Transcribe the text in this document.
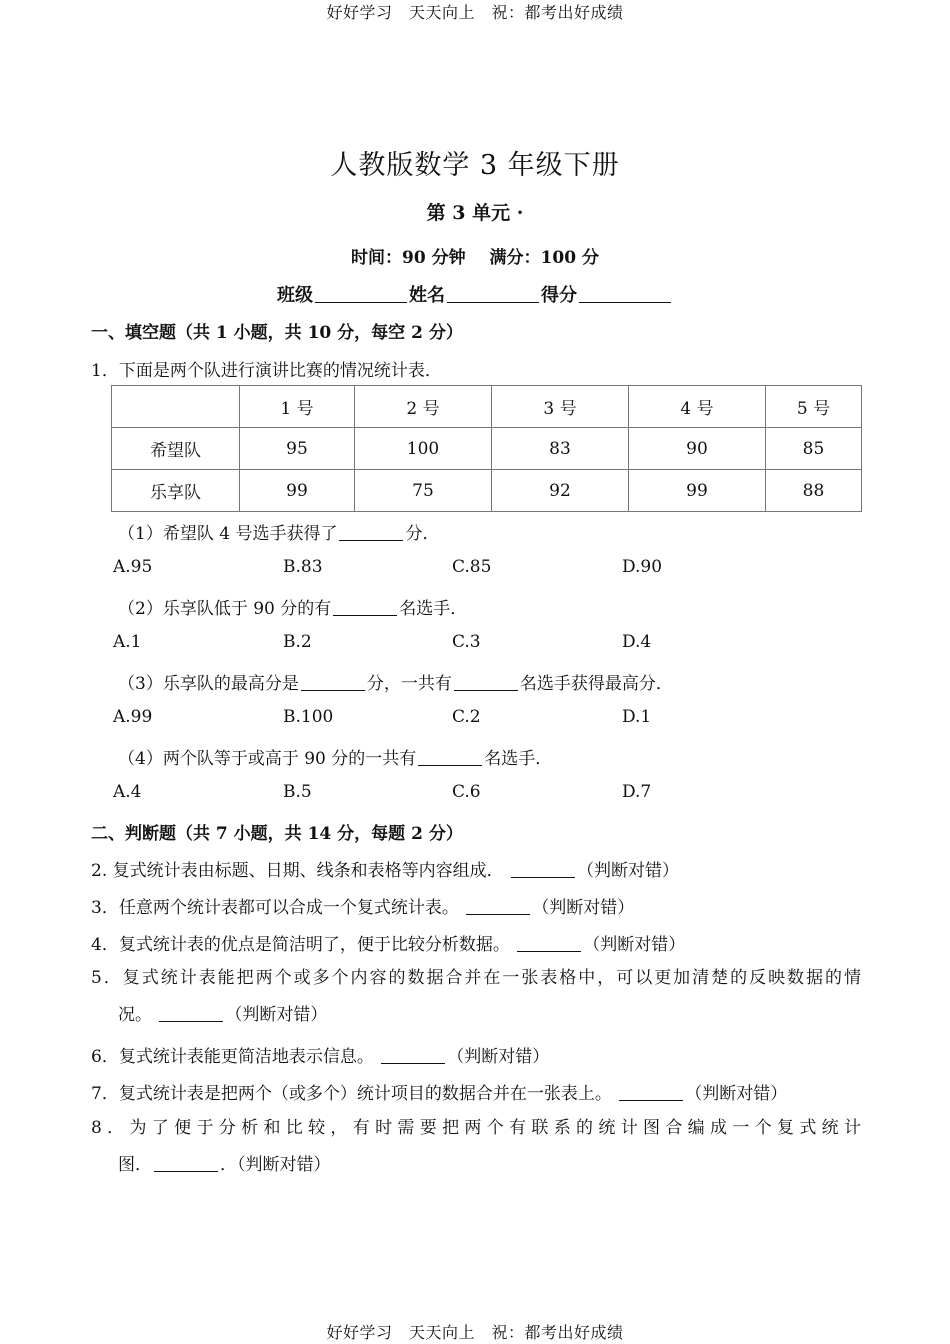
好好学习　天天向上　祝：都考出好成绩
人教版数学 3 年级下册
第 3 单元 ·
时间：90 分钟 满分：100 分
班级	姓名	得分
一、填空题（共 1 小题，共 10 分，每空 2 分）
1．下面是两个队进行演讲比赛的情况统计表．
	1 号	2 号	3 号	4 号	5 号
希望队	95	100	83	90	85
乐享队	99	75	92	99	88
（1）希望队 4 号选手获得了	分．
A.95	B.83	C.85	D.90
（2）乐享队低于 90 分的有	名选手．
A.1	B.2	C.3	D.4
（3）乐享队的最高分是	分，一共有	名选手获得最高分．
A.99	B.100	C.2	D.1
（4）两个队等于或高于 90 分的一共有	名选手．
A.4	B.5	C.6	D.7
二、判断题（共 7 小题，共 14 分，每题 2 分）
2. 复式统计表由标题、日期、线条和表格等内容组成．	（判断对错）
3．任意两个统计表都可以合成一个复式统计表。	（判断对错）
4．复式统计表的优点是简洁明了，便于比较分析数据。	（判断对错）
5．复式统计表能把两个或多个内容的数据合并在一张表格中，可以更加清楚的反映数据的情
况。	（判断对错）
6．复式统计表能更简洁地表示信息。	（判断对错）
7．复式统计表是把两个（或多个）统计项目的数据合并在一张表上。	（判断对错）
8．为了便于分析和比较，有时需要把两个有联系的统计图合编成一个复式统计
图．	．（判断对错）
好好学习　天天向上　祝：都考出好成绩
